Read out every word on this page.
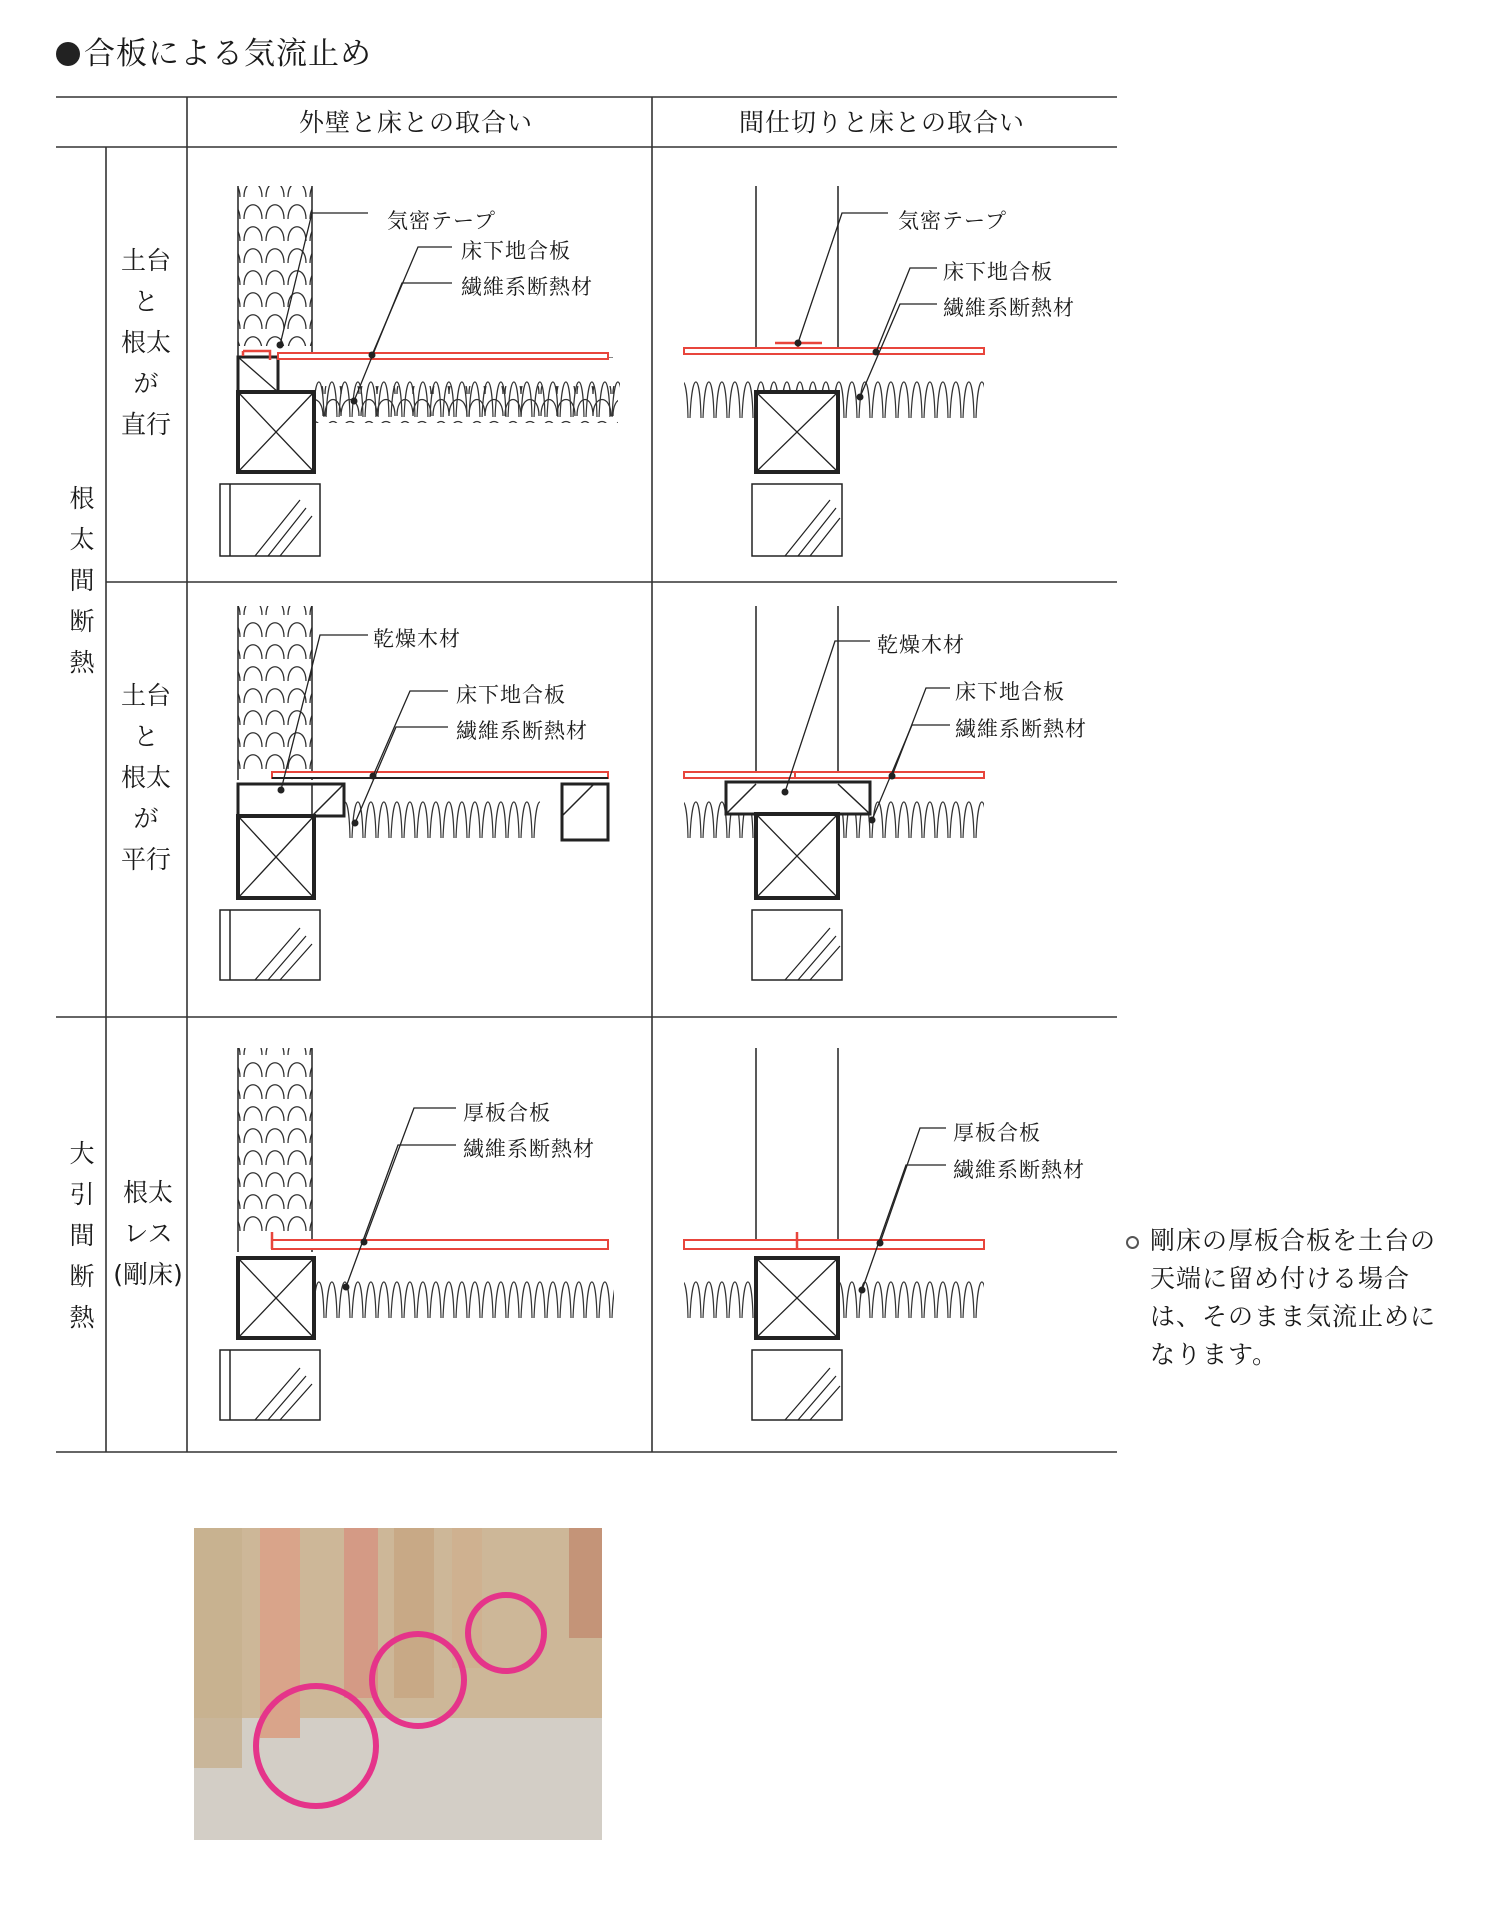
合板による気流止め
外壁と床との取合い	間仕切りと床との取合い
根
太
間
断
熱
大
引
間
断
熱
土台
と
根太
が
直行
土台
と
根太
が
平行
根太
レス
(剛床)
気密テープ
床下地合板
繊維系断熱材
気密テープ
床下地合板
繊維系断熱材
乾燥木材
床下地合板
繊維系断熱材
乾燥木材
床下地合板
繊維系断熱材
厚板合板
繊維系断熱材
厚板合板
繊維系断熱材
剛床の厚板合板を土台の天端に留め付ける場合は、そのまま気流止めになります。
